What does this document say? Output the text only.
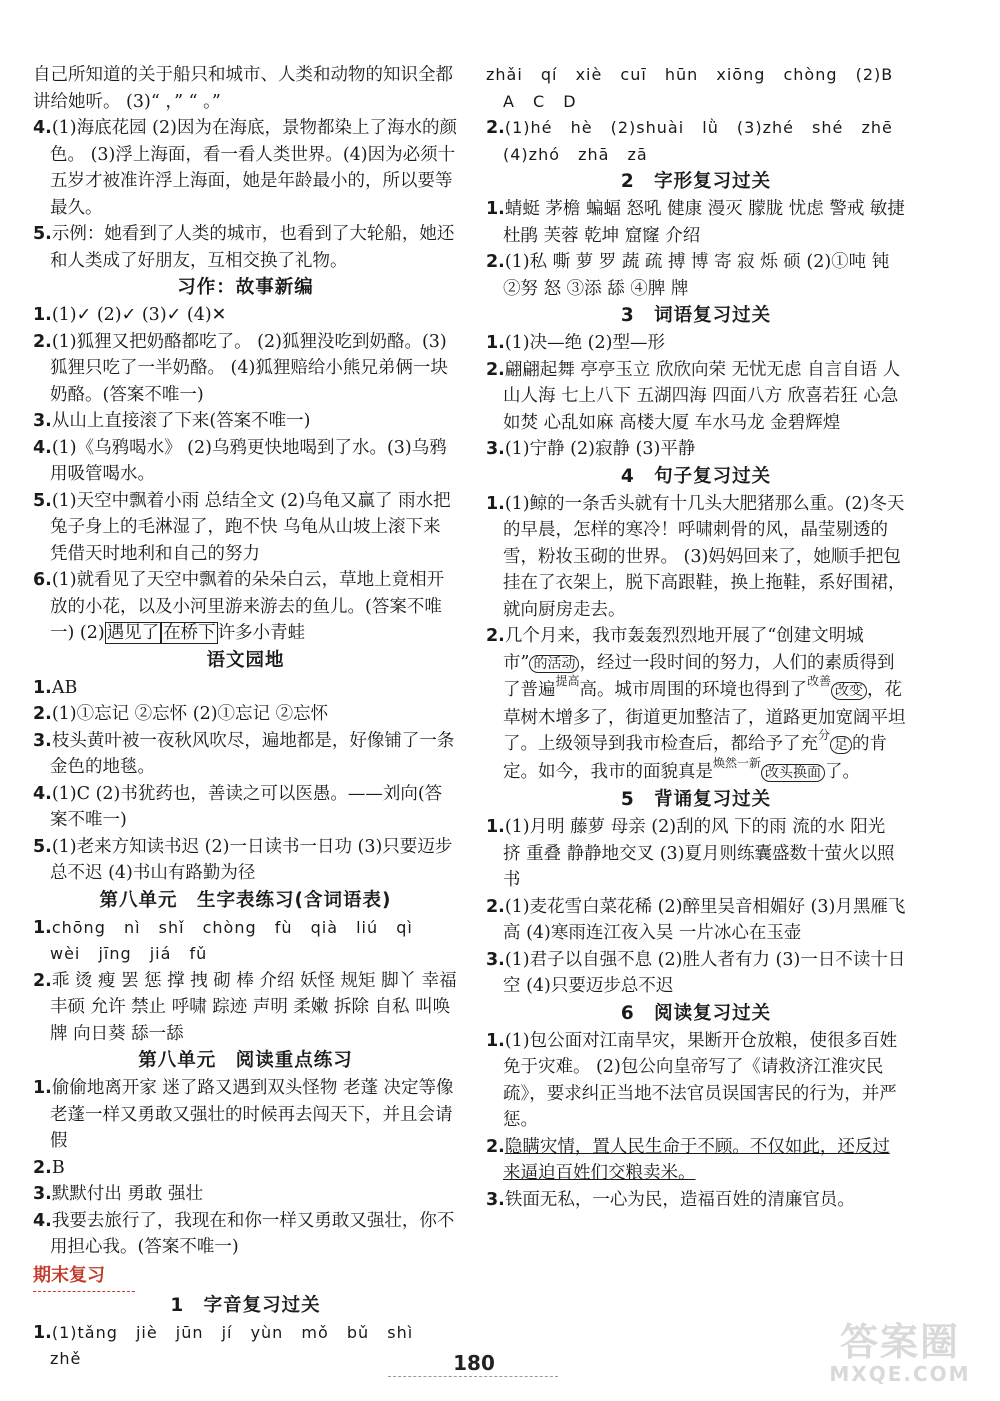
自己所知道的关于船只和城市、人类和动物的知识全都讲给她听。 (3)“ ，” “ 。”
4.(1)海底花园 (2)因为在海底，景物都染上了海水的颜色。 (3)浮上海面，看一看人类世界。(4)因为必须十五岁才被准许浮上海面，她是年龄最小的，所以要等最久。
5.示例：她看到了人类的城市，也看到了大轮船，她还和人类成了好朋友，互相交换了礼物。
习作：故事新编
1.(1)✓ (2)✓ (3)✓ (4)✕
2.(1)狐狸又把奶酪都吃了。 (2)狐狸没吃到奶酪。(3)狐狸只吃了一半奶酪。 (4)狐狸赔给小熊兄弟俩一块奶酪。(答案不唯一)
3.从山上直接滚了下来(答案不唯一)
4.(1)《乌鸦喝水》 (2)乌鸦更快地喝到了水。(3)乌鸦用吸管喝水。
5.(1)天空中飘着小雨 总结全文 (2)乌龟又赢了 雨水把兔子身上的毛淋湿了，跑不快 乌龟从山坡上滚下来 凭借天时地利和自己的努力
6.(1)就看见了天空中飘着的朵朵白云，草地上竟相开放的小花，以及小河里游来游去的鱼儿。(答案不唯一) (2) 遇见了 在桥下 许多小青蛙
语文园地
1.AB
2.(1)①忘记 ②忘怀 (2)①忘记 ②忘怀
3.枝头黄叶被一夜秋风吹尽，遍地都是，好像铺了一条金色的地毯。
4.(1)C (2)书犹药也，善读之可以医愚。——刘向(答案不唯一)
5.(1)老来方知读书迟 (2)一日读书一日功 (3)只要迈步总不迟 (4)书山有路勤为径
第八单元　生字表练习(含词语表)
1.chōng nì shǐ chòng fù qià liú qì wèi jīng jiá fǔ
2.乖 烫 瘦 罢 惩 撑 拽 砌 棒 介绍 妖怪 规矩 脚丫 幸福 丰硕 允许 禁止 呼啸 踪迹 声明 柔嫩 拆除 自私 叫唤 牌 向日葵 舔一舔
第八单元　阅读重点练习
1.偷偷地离开家 迷了路又遇到双头怪物 老蓬 决定等像老蓬一样又勇敢又强壮的时候再去闯天下，并且会请假
2.B
3.默默付出 勇敢 强壮
4.我要去旅行了，我现在和你一样又勇敢又强壮，你不用担心我。(答案不唯一)
期末复习
1　字音复习过关
1.(1)tǎng jiè jūn jí yùn mǒ bǔ shì zhě
zhǎi qí xiè cuī hūn xiōng chòng (2)B A C D
2.(1)hé hè (2)shuài lǜ (3)zhé shé zhē (4)zhó zhā zā
2　字形复习过关
1.蜻蜓 茅檐 蝙蝠 怒吼 健康 漫灭 朦胧 忧虑 警戒 敏捷 杜鹃 芙蓉 乾坤 窟窿 介绍
2.(1)私 嘶 萝 罗 蔬 疏 搏 博 寄 寂 烁 硕 (2)①吨 钝 ②努 怒 ③添 舔 ④脾 牌
3　词语复习过关
1.(1)决—绝 (2)型—形
2.翩翩起舞 亭亭玉立 欣欣向荣 无忧无虑 自言自语 人山人海 七上八下 五湖四海 四面八方 欣喜若狂 心急如焚 心乱如麻 高楼大厦 车水马龙 金碧辉煌
3.(1)宁静 (2)寂静 (3)平静
4　句子复习过关
1.(1)鲸的一条舌头就有十几头大肥猪那么重。(2)冬天的早晨，怎样的寒冷！呼啸刺骨的风，晶莹剔透的雪，粉妆玉砌的世界。 (3)妈妈回来了，她顺手把包挂在了衣架上，脱下高跟鞋，换上拖鞋，系好围裙，就向厨房走去。
2.几个月来，我市轰轰烈烈地开展了“创建文明城市” 的活动 ，经过一段时间的努力，人们的素质得到了普遍$^{提高}$高。城市周围的环境也得到了$^{改善}$改变 ，花草树木增多了，街道更加整洁了，道路更加宽阔平坦了。上级领导到我市检查后，都给予了充$^分$足 的肯定。如今，我市的面貌真是$^{焕然一新}$改头换面 了。
5　背诵复习过关
1.(1)月明 藤萝 母亲 (2)刮的风 下的雨 流的水 阳光 挤 重叠 静静地交叉 (3)夏月则练囊盛数十萤火以照书
2.(1)麦花雪白菜花稀 (2)醉里吴音相媚好 (3)月黑雁飞高 (4)寒雨连江夜入吴 一片冰心在玉壶
3.(1)君子以自强不息 (2)胜人者有力 (3)一日不读十日空 (4)只要迈步总不迟
6　阅读复习过关
1.(1)包公面对江南旱灾，果断开仓放粮，使很多百姓免于灾难。 (2)包公向皇帝写了《请救济江淮灾民疏》，要求纠正当地不法官员误国害民的行为，并严惩。
2.隐瞒灾情，置人民生命于不顾。不仅如此，还反过来逼迫百姓们交粮卖米。
3.铁面无私，一心为民，造福百姓的清廉官员。
180	答案圈
MXQE.COM
